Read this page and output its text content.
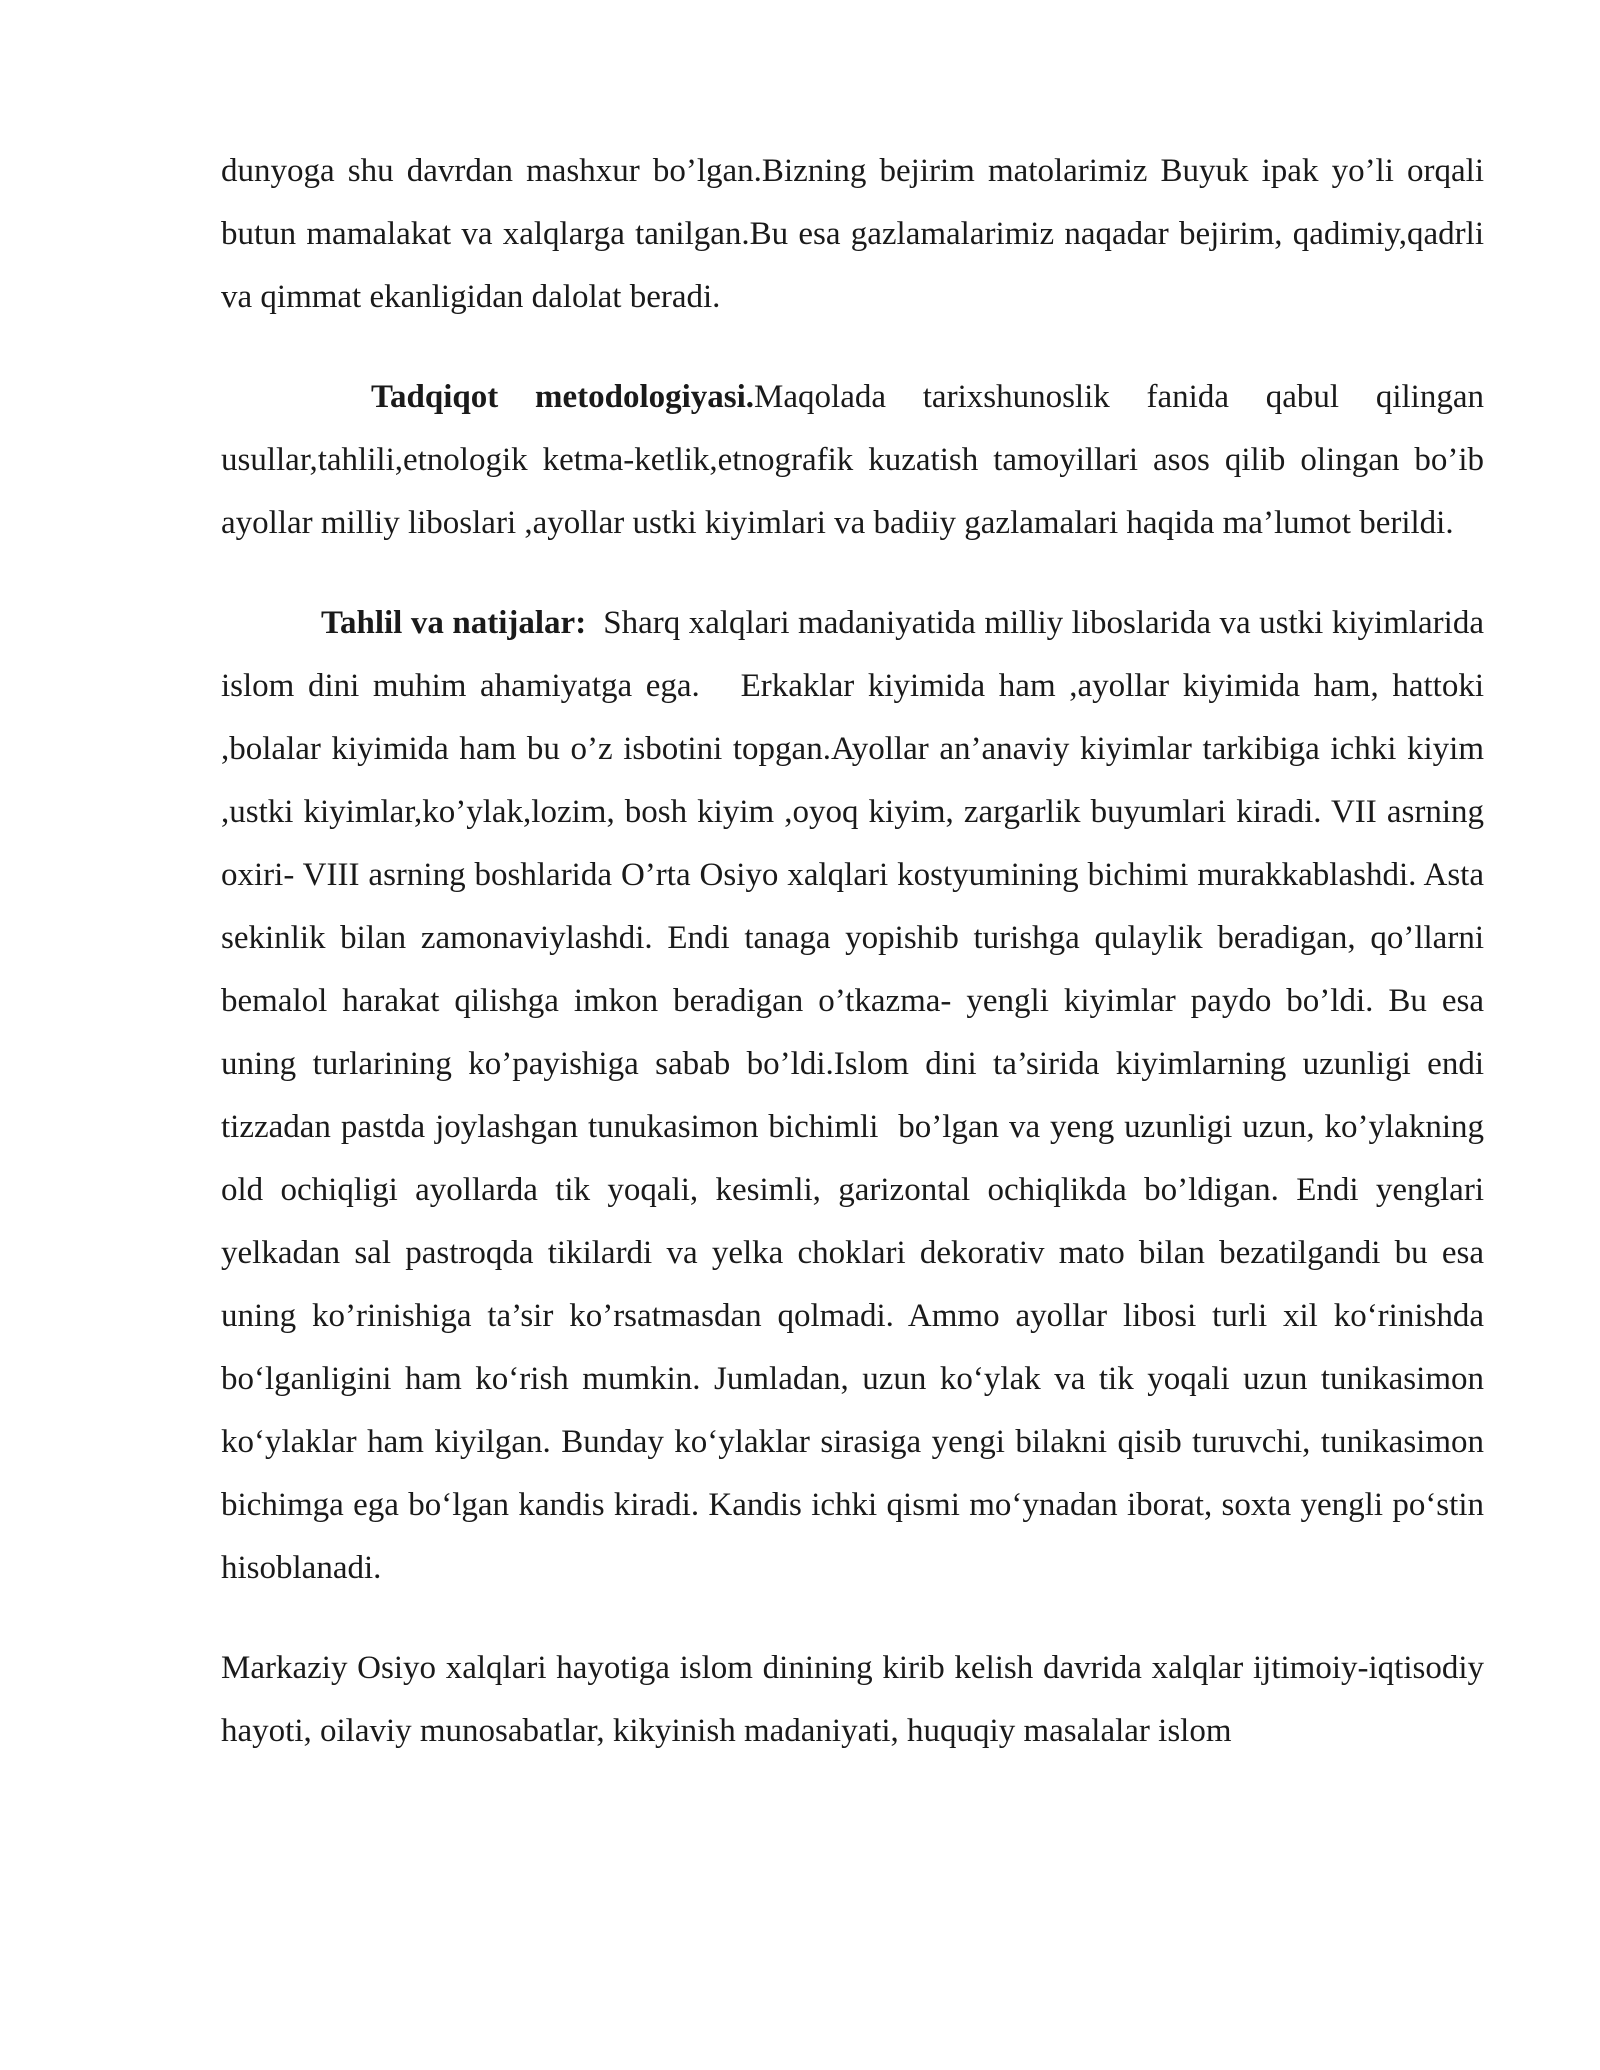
dunyoga shu davrdan mashxur bo’lgan.Bizning bejirim matolarimiz Buyuk ipak yo’li orqali butun mamalakat va xalqlarga tanilgan.Bu esa gazlamalarimiz naqadar bejirim, qadimiy,qadrli va qimmat ekanligidan dalolat beradi.

Tadqiqot metodologiyasi.Maqolada tarixshunoslik fanida qabul qilingan usullar,tahlili,etnologik ketma-ketlik,etnografik kuzatish tamoyillari asos qilib olingan bo’ib ayollar milliy liboslari ,ayollar ustki kiyimlari va badiiy gazlamalari haqida ma’lumot berildi.

Tahlil va natijalar:  Sharq xalqlari madaniyatida milliy liboslarida va ustki kiyimlarida islom dini muhim ahamiyatga ega.   Erkaklar kiyimida ham ,ayollar kiyimida ham, hattoki ,bolalar kiyimida ham bu o’z isbotini topgan.Ayollar an’anaviy kiyimlar tarkibiga ichki kiyim ,ustki kiyimlar,ko’ylak,lozim, bosh kiyim ,oyoq kiyim, zargarlik buyumlari kiradi. VII asrning oxiri- VIII asrning boshlarida O’rta Osiyo xalqlari kostyumining bichimi murakkablashdi. Asta sekinlik bilan zamonaviylashdi. Endi tanaga yopishib turishga qulaylik beradigan, qo’llarni bemalol harakat qilishga imkon beradigan o’tkazma- yengli kiyimlar paydo bo’ldi. Bu esa uning turlarining ko’payishiga sabab bo’ldi.Islom dini ta’sirida kiyimlarning uzunligi endi tizzadan pastda joylashgan tunukasimon bichimli  bo’lgan va yeng uzunligi uzun, ko’ylakning old ochiqligi ayollarda tik yoqali, kesimli, garizontal ochiqlikda bo’ldigan. Endi yenglari yelkadan sal pastroqda tikilardi va yelka choklari dekorativ mato bilan bezatilgandi bu esa uning ko’rinishiga ta’sir ko’rsatmasdan qolmadi. Ammo ayollar libosi turli xil ko‘rinishda bo‘lganligini ham ko‘rish mumkin. Jumladan, uzun ko‘ylak va tik yoqali uzun tunikasimon ko‘ylaklar ham kiyilgan. Bunday ko‘ylaklar sirasiga yengi bilakni qisib turuvchi, tunikasimon bichimga ega bo‘lgan kandis kiradi. Kandis ichki qismi mo‘ynadan iborat, soxta yengli po‘stin hisoblanadi.

Markaziy Osiyo xalqlari hayotiga islom dinining kirib kelish davrida xalqlar ijtimoiy-iqtisodiy hayoti, oilaviy munosabatlar, kikyinish madaniyati, huquqiy masalalar islom
